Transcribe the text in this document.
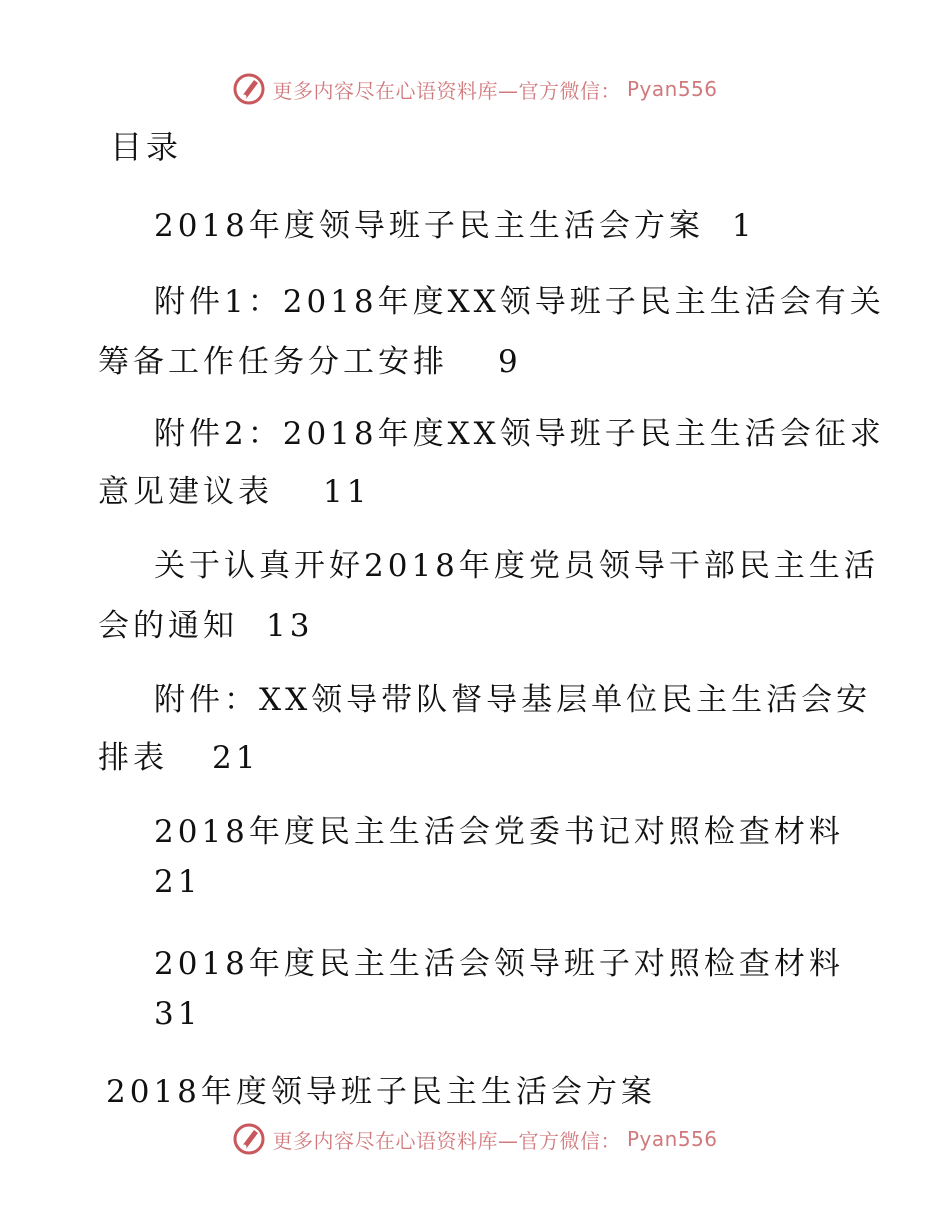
更多内容尽在心语资料库—官方微信： Pyan556
目录
2018年度领导班子民主生活会方案 1
附件1：2018年度XX领导班子民主生活会有关
筹备工作任务分工安排 9
附件2：2018年度XX领导班子民主生活会征求
意见建议表 11
关于认真开好2018年度党员领导干部民主生活
会的通知 13
附件：XX领导带队督导基层单位民主生活会安
排表 21
2018年度民主生活会党委书记对照检查材料
21
2018年度民主生活会领导班子对照检查材料
31
2018年度领导班子民主生活会方案
更多内容尽在心语资料库—官方微信： Pyan556
